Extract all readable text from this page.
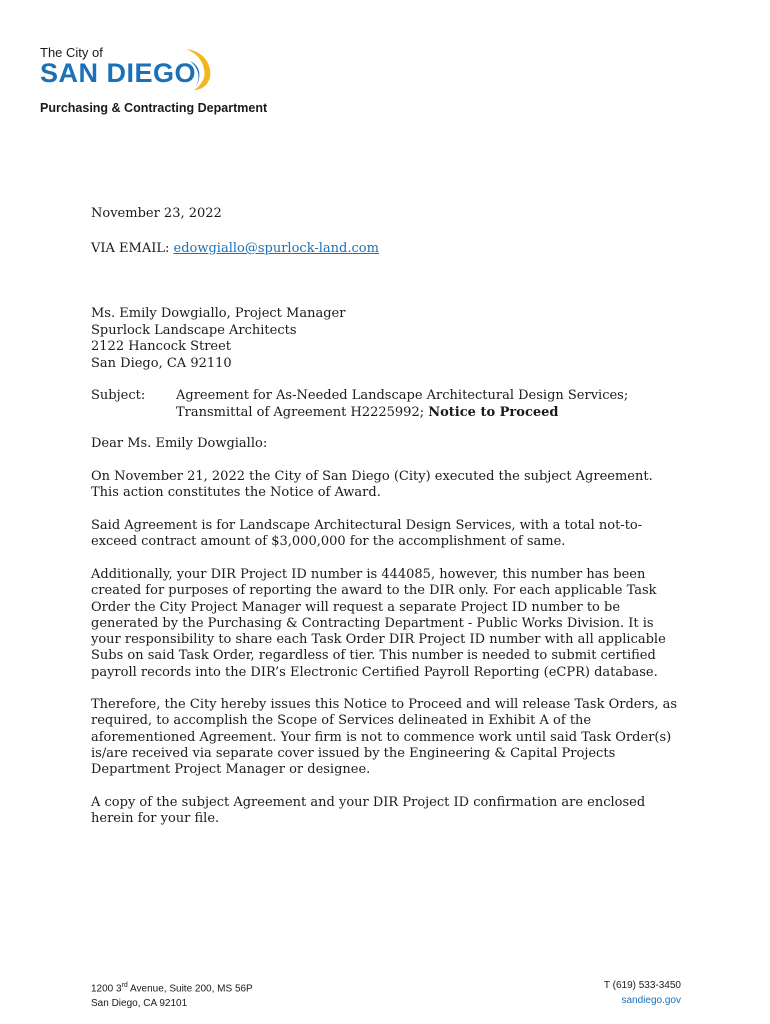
The City of
SAN DIEGO
Purchasing & Contracting Department
November 23, 2022
VIA EMAIL: edowgiallo@spurlock-land.com
Ms. Emily Dowgiallo, Project Manager
Spurlock Landscape Architects
2122 Hancock Street
San Diego, CA 92110
Subject: Agreement for As-Needed Landscape Architectural Design Services;
Transmittal of Agreement H2225992; Notice to Proceed
Dear Ms. Emily Dowgiallo:
On November 21, 2022 the City of San Diego (City) executed the subject Agreement. This action constitutes the Notice of Award.
Said Agreement is for Landscape Architectural Design Services, with a total not-to-exceed contract amount of $3,000,000 for the accomplishment of same.
Additionally, your DIR Project ID number is 444085, however, this number has been created for purposes of reporting the award to the DIR only. For each applicable Task Order the City Project Manager will request a separate Project ID number to be generated by the Purchasing & Contracting Department - Public Works Division. It is your responsibility to share each Task Order DIR Project ID number with all applicable Subs on said Task Order, regardless of tier. This number is needed to submit certified payroll records into the DIR’s Electronic Certified Payroll Reporting (eCPR) database.
Therefore, the City hereby issues this Notice to Proceed and will release Task Orders, as required, to accomplish the Scope of Services delineated in Exhibit A of the aforementioned Agreement. Your firm is not to commence work until said Task Order(s) is/are received via separate cover issued by the Engineering & Capital Projects Department Project Manager or designee.
A copy of the subject Agreement and your DIR Project ID confirmation are enclosed herein for your file.
1200 3rd Avenue, Suite 200, MS 56P
San Diego, CA 92101
T (619) 533-3450
sandiego.gov
